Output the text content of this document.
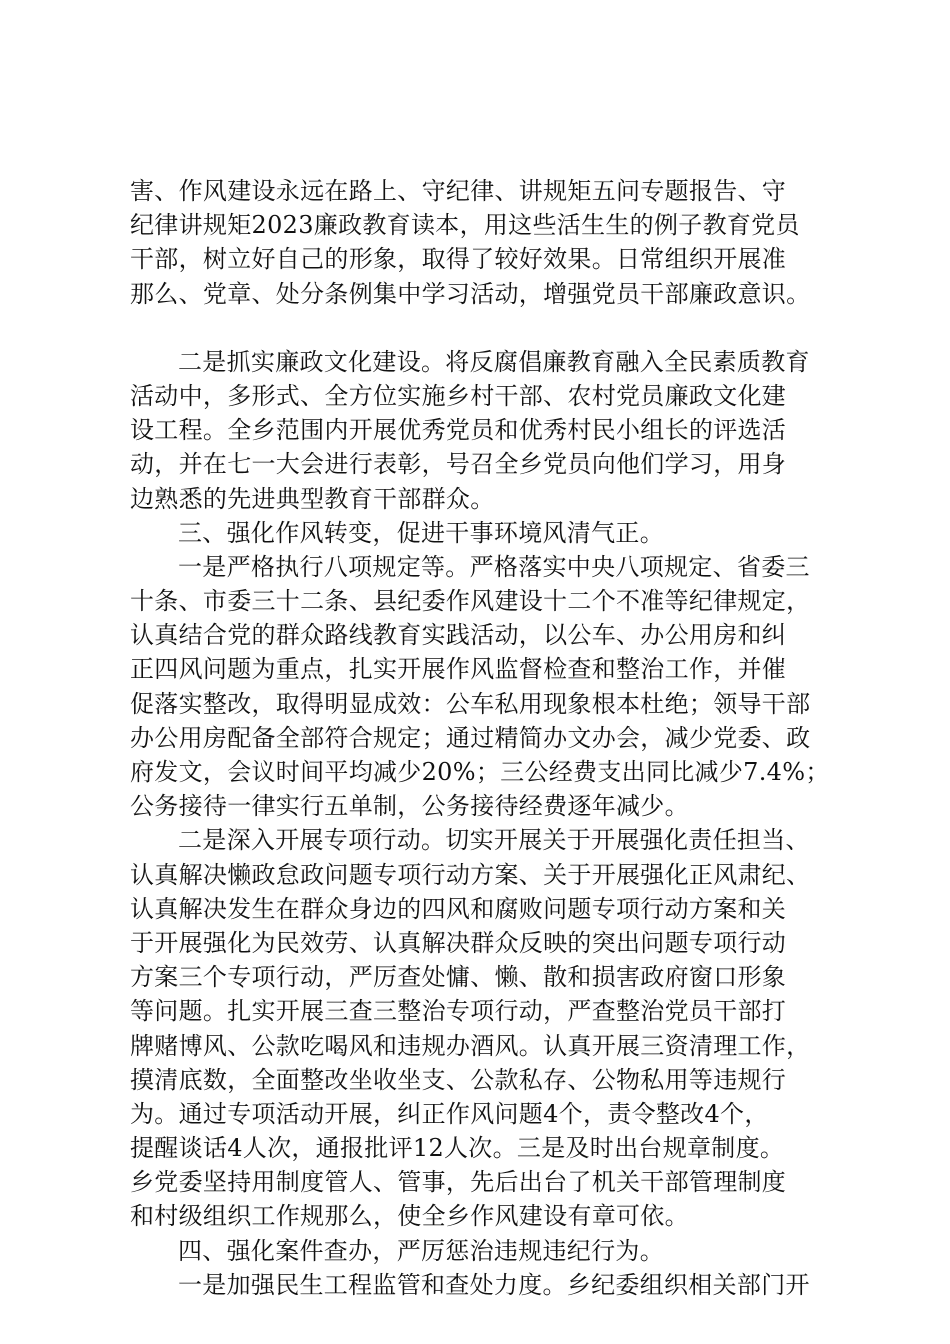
害、作风建设永远在路上、守纪律、讲规矩五问专题报告、守
纪律讲规矩2023廉政教育读本，用这些活生生的例子教育党员
干部，树立好自己的形象，取得了较好效果。日常组织开展准
那么、党章、处分条例集中学习活动，增强党员干部廉政意识。
二是抓实廉政文化建设。将反腐倡廉教育融入全民素质教育
活动中，多形式、全方位实施乡村干部、农村党员廉政文化建
设工程。全乡范围内开展优秀党员和优秀村民小组长的评选活
动，并在七一大会进行表彰，号召全乡党员向他们学习，用身
边熟悉的先进典型教育干部群众。
三、强化作风转变，促进干事环境风清气正。
一是严格执行八项规定等。严格落实中央八项规定、省委三
十条、市委三十二条、县纪委作风建设十二个不准等纪律规定，
认真结合党的群众路线教育实践活动，以公车、办公用房和纠
正四风问题为重点，扎实开展作风监督检查和整治工作，并催
促落实整改，取得明显成效：公车私用现象根本杜绝；领导干部
办公用房配备全部符合规定；通过精简办文办会，减少党委、政
府发文，会议时间平均减少20%；三公经费支出同比减少7.4%；
公务接待一律实行五单制，公务接待经费逐年减少。
二是深入开展专项行动。切实开展关于开展强化责任担当、
认真解决懒政怠政问题专项行动方案、关于开展强化正风肃纪、
认真解决发生在群众身边的四风和腐败问题专项行动方案和关
于开展强化为民效劳、认真解决群众反映的突出问题专项行动
方案三个专项行动，严厉查处慵、懒、散和损害政府窗口形象
等问题。扎实开展三查三整治专项行动，严查整治党员干部打
牌赌博风、公款吃喝风和违规办酒风。认真开展三资清理工作，
摸清底数，全面整改坐收坐支、公款私存、公物私用等违规行
为。通过专项活动开展，纠正作风问题4个，责令整改4个，
提醒谈话4人次，通报批评12人次。三是及时出台规章制度。
乡党委坚持用制度管人、管事，先后出台了机关干部管理制度
和村级组织工作规那么，使全乡作风建设有章可依。
四、强化案件查办，严厉惩治违规违纪行为。
一是加强民生工程监管和查处力度。乡纪委组织相关部门开
